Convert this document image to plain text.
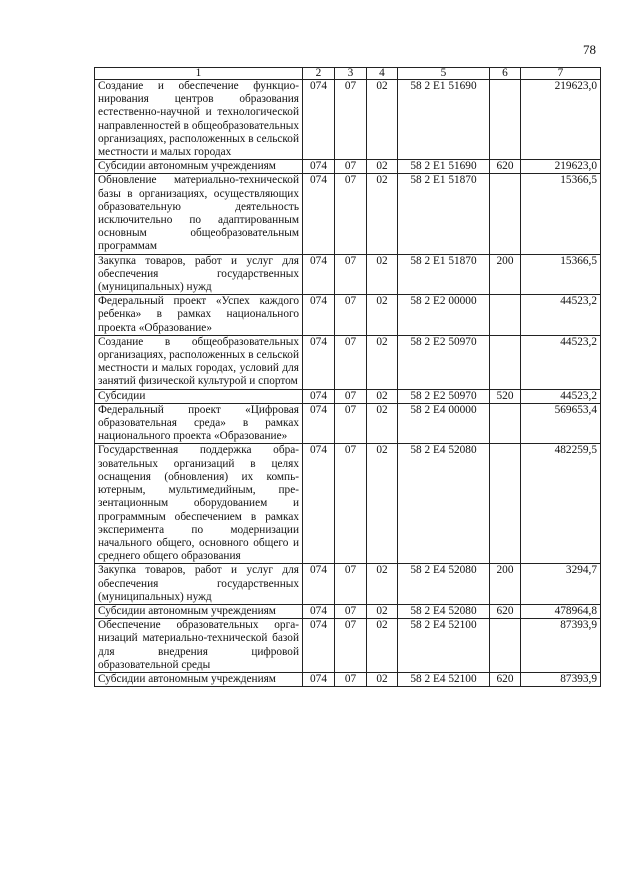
78
1	2	3	4	5	6	7
Создание и обеспечение функционирования центров образования естественно-научной и технологической направленностей в общеобразовательных организациях, расположенных в сельской местности и малых городах	074	07	02	58 2 E1 51690		219623,0
Субсидии автономным учреждениям	074	07	02	58 2 E1 51690	620	219623,0
Обновление материально-технической базы в организациях, осуществляющих образовательную деятельность исключительно по адаптированным основным общеобразовательным программам	074	07	02	58 2 E1 51870		15366,5
Закупка товаров, работ и услуг для обеспечения государственных (муниципальных) нужд	074	07	02	58 2 E1 51870	200	15366,5
Федеральный проект «Успех каждого ребенка» в рамках национального проекта «Образование»	074	07	02	58 2 E2 00000		44523,2
Создание в общеобразовательных организациях, расположенных в сельской местности и малых городах, условий для занятий физической культурой и спортом	074	07	02	58 2 E2 50970		44523,2
Субсидии	074	07	02	58 2 E2 50970	520	44523,2
Федеральный проект «Цифровая образовательная среда» в рамках национального проекта «Образование»	074	07	02	58 2 E4 00000		569653,4
Государственная поддержка образовательных организаций в целях оснащения (обновления) их компьютерным, мультимедийным, презентационным оборудованием и программным обеспечением в рамках эксперимента по модернизации начального общего, основного общего и среднего общего образования	074	07	02	58 2 E4 52080		482259,5
Закупка товаров, работ и услуг для обеспечения государственных (муниципальных) нужд	074	07	02	58 2 E4 52080	200	3294,7
Субсидии автономным учреждениям	074	07	02	58 2 E4 52080	620	478964,8
Обеспечение образовательных организаций материально-технической базой для внедрения цифровой образовательной среды	074	07	02	58 2 E4 52100		87393,9
Субсидии автономным учреждениям	074	07	02	58 2 E4 52100	620	87393,9
